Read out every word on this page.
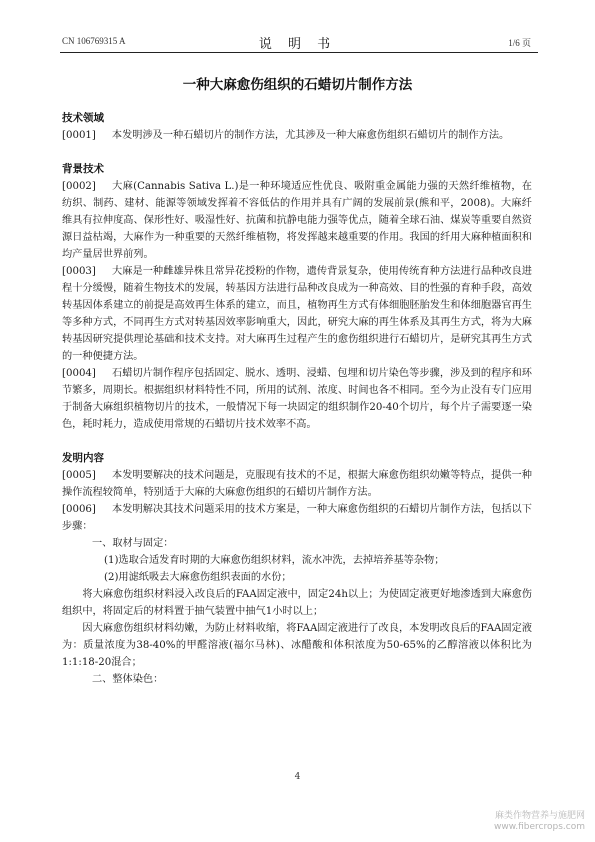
CN 106769315 A	说 明 书	1/6 页
一种大麻愈伤组织的石蜡切片制作方法
技术领域

[0001] 本发明涉及一种石蜡切片的制作方法，尤其涉及一种大麻愈伤组织石蜡切片的制作方法。

背景技术

[0002] 大麻(Cannabis Sativa L.)是一种环境适应性优良、吸附重金属能力强的天然纤维植物，在纺织、制药、建材、能源等领域发挥着不容低估的作用并具有广阔的发展前景(熊和平，2008)。大麻纤维具有拉伸度高、保形性好、吸湿性好、抗菌和抗静电能力强等优点，随着全球石油、煤炭等重要自然资源日益枯竭，大麻作为一种重要的天然纤维植物，将发挥越来越重要的作用。我国的纤用大麻种植面积和均产量居世界前列。

[0003] 大麻是一种雌雄异株且常异花授粉的作物，遗传背景复杂，使用传统育种方法进行品种改良进程十分缓慢，随着生物技术的发展，转基因方法进行品种改良成为一种高效、目的性强的育种手段，高效转基因体系建立的前提是高效再生体系的建立，而且，植物再生方式有体细胞胚胎发生和体细胞器官再生等多种方式，不同再生方式对转基因效率影响重大，因此，研究大麻的再生体系及其再生方式，将为大麻转基因研究提供理论基础和技术支持。对大麻再生过程产生的愈伤组织进行石蜡切片，是研究其再生方式的一种便捷方法。

[0004] 石蜡切片制作程序包括固定、脱水、透明、浸蜡、包埋和切片染色等步骤，涉及到的程序和环节繁多，周期长。根据组织材料特性不同，所用的试剂、浓度、时间也各不相同。至今为止没有专门应用于制备大麻组织植物切片的技术，一般情况下每一块固定的组织制作20-40个切片，每个片子需要逐一染色，耗时耗力，造成使用常规的石蜡切片技术效率不高。

发明内容

[0005] 本发明要解决的技术问题是，克服现有技术的不足，根据大麻愈伤组织幼嫩等特点，提供一种操作流程较简单，特别适于大麻的大麻愈伤组织的石蜡切片制作方法。

[0006] 本发明解决其技术问题采用的技术方案是，一种大麻愈伤组织的石蜡切片制作方法，包括以下步骤：

一、取材与固定：

(1)选取合适发育时期的大麻愈伤组织材料，流水冲洗，去掉培养基等杂物；

(2)用滤纸吸去大麻愈伤组织表面的水份；

将大麻愈伤组织材料浸入改良后的FAA固定液中，固定24h以上；为使固定液更好地渗透到大麻愈伤组织中，将固定后的材料置于抽气装置中抽气1小时以上；

因大麻愈伤组织材料幼嫩，为防止材料收缩，将FAA固定液进行了改良，本发明改良后的FAA固定液为：质量浓度为38-40%的甲醛溶液(福尔马林)、冰醋酸和体积浓度为50-65%的乙醇溶液以体积比为1:1:18-20混合；

二、整体染色：

4
麻类作物营养与施肥网
www.fibercrops.com
